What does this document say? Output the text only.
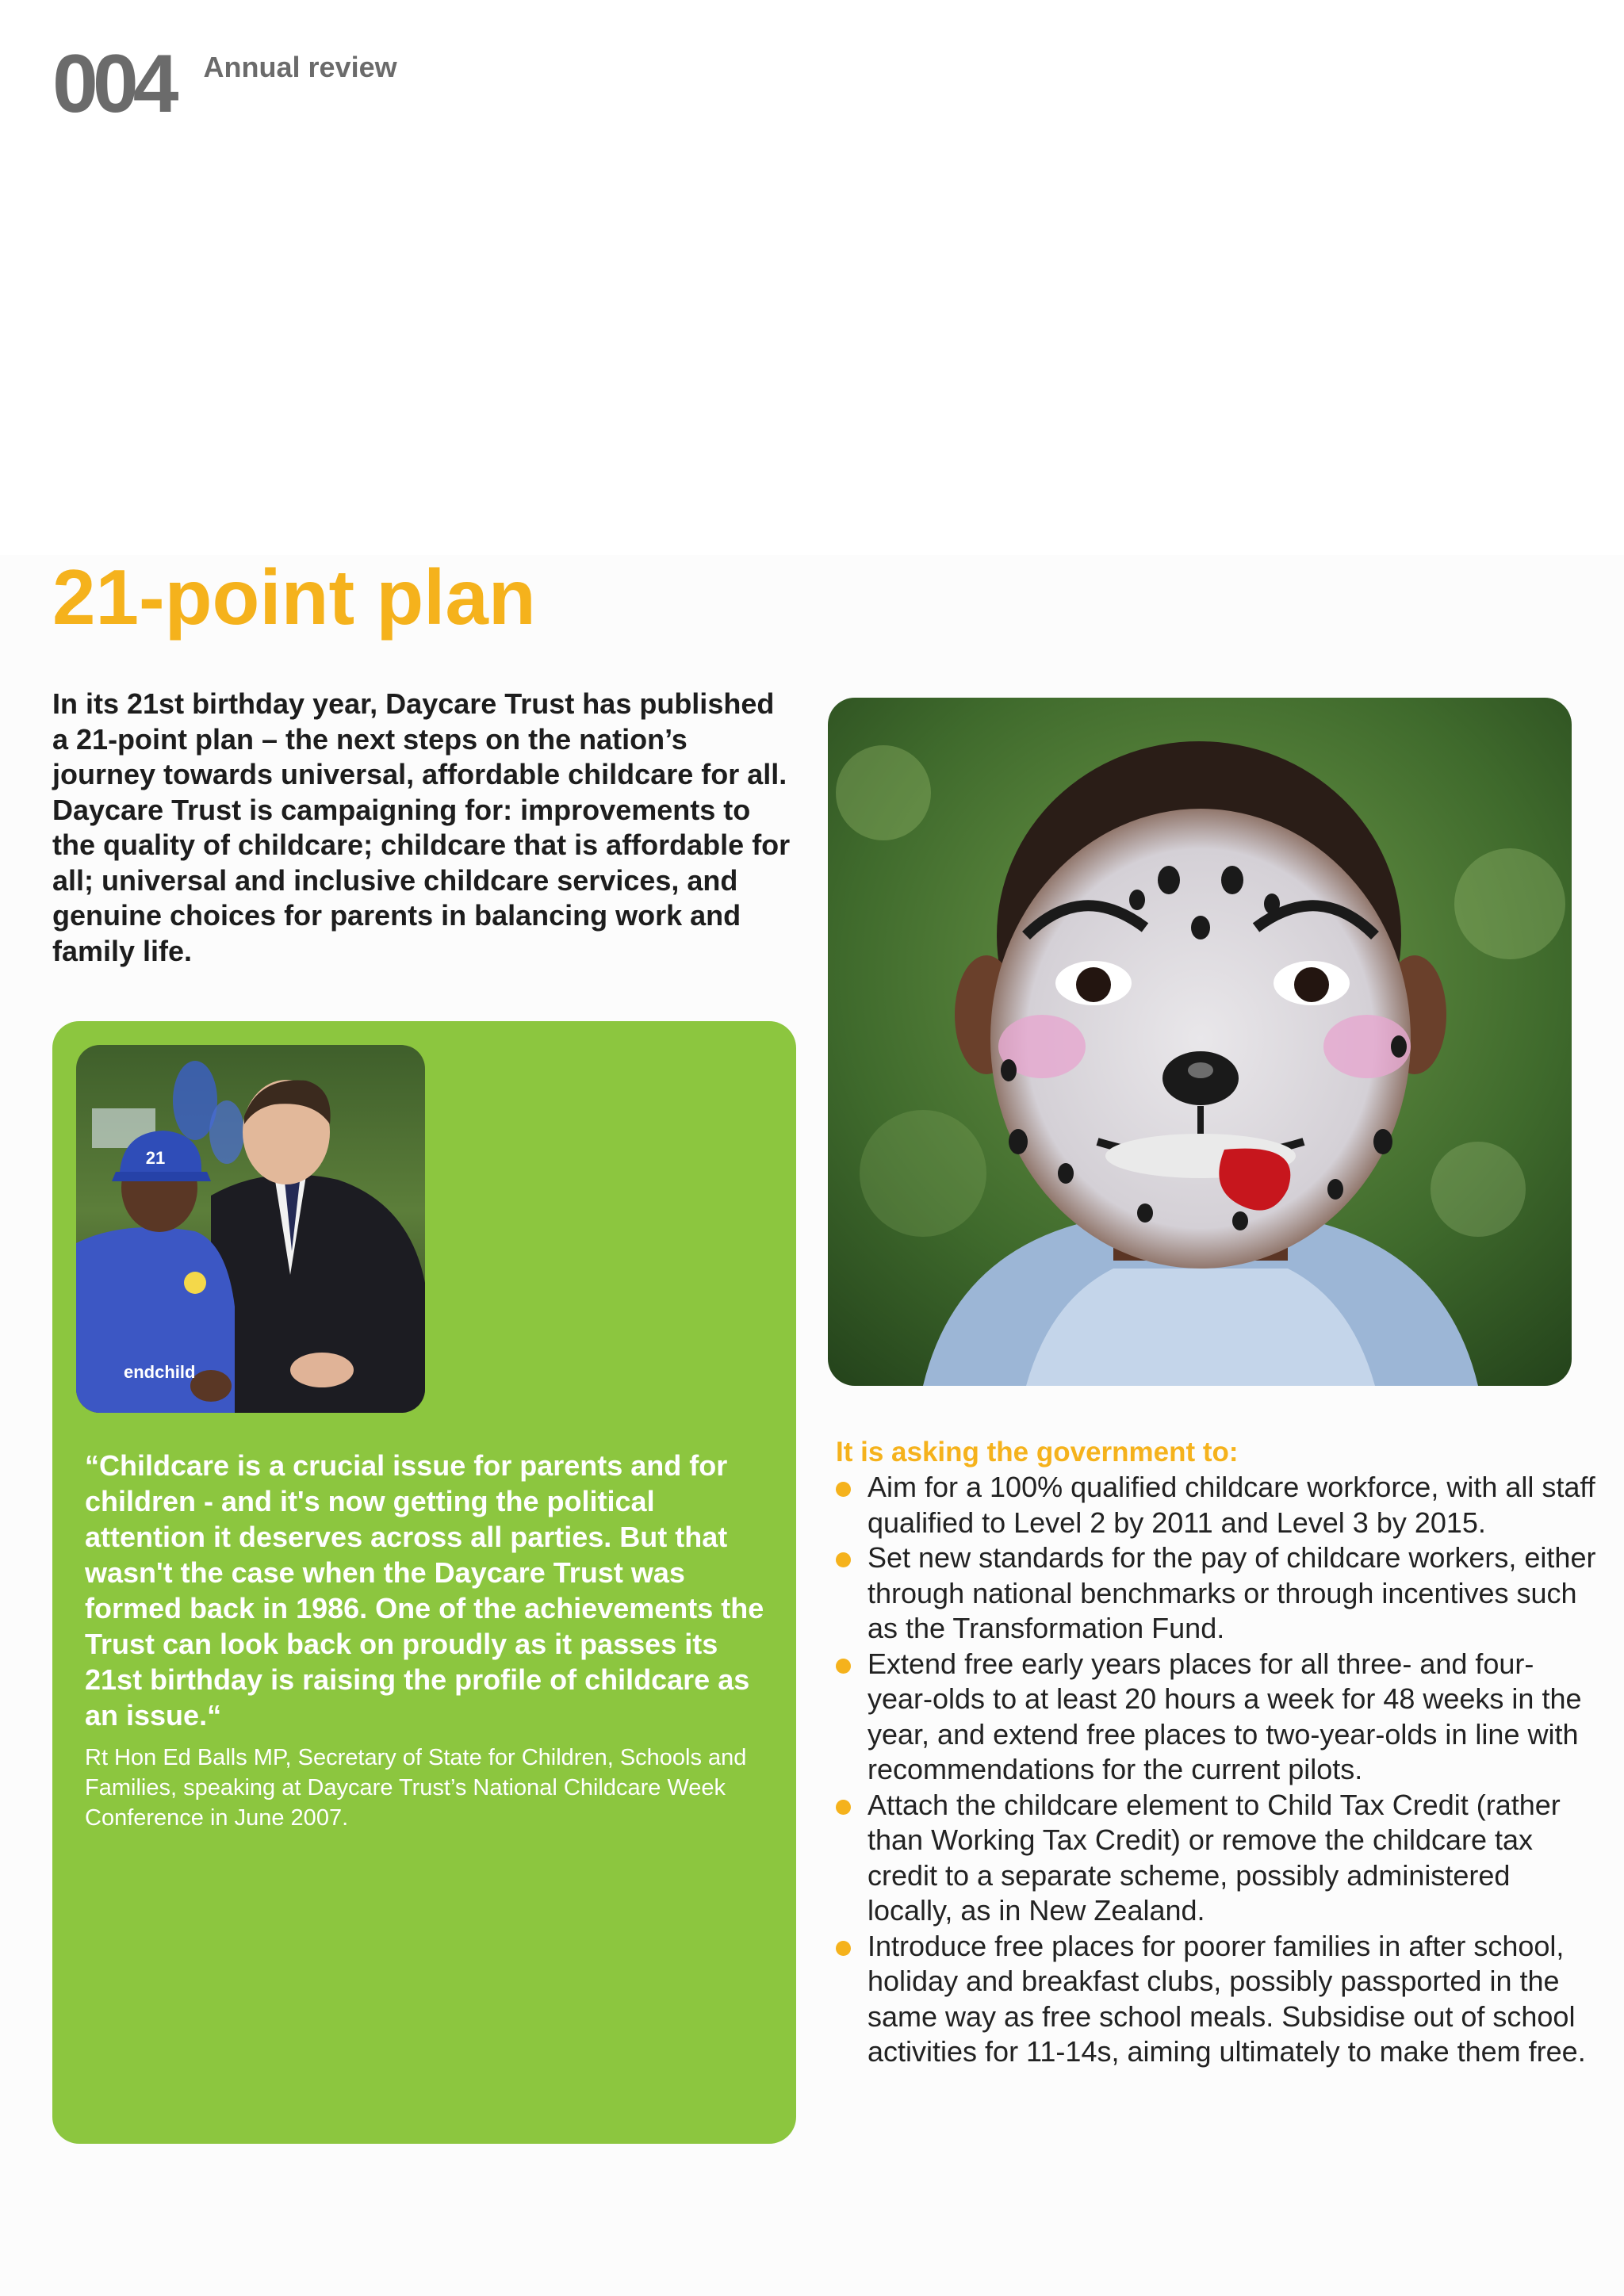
004 Annual review
21-point plan

In its 21st birthday year, Daycare Trust has published a 21-point plan – the next steps on the nation’s journey towards universal, affordable childcare for all. Daycare Trust is campaigning for: improvements to the quality of childcare; childcare that is affordable for all; universal and inclusive childcare services, and genuine choices for parents in balancing work and family life.

21
endchild

“Childcare is a crucial issue for parents and for children - and it's now getting the political attention it deserves across all parties. But that wasn't the case when the Daycare Trust was formed back in 1986. One of the achievements the Trust can look back on proudly as it passes its 21st birthday is raising the profile of childcare as an issue.“

Rt Hon Ed Balls MP, Secretary of State for Children, Schools and Families, speaking at Daycare Trust’s National Childcare Week Conference in June 2007.

It is asking the government to:
Aim for a 100% qualified childcare workforce, with all staff qualified to Level 2 by 2011 and Level 3 by 2015.
Set new standards for the pay of childcare workers, either through national benchmarks or through incentives such as the Transformation Fund.
Extend free early years places for all three- and four-year-olds to at least 20 hours a week for 48 weeks in the year, and extend free places to two-year-olds in line with recommendations for the current pilots.
Attach the childcare element to Child Tax Credit (rather than Working Tax Credit) or remove the childcare tax credit to a separate scheme, possibly administered locally, as in New Zealand.
Introduce free places for poorer families in after school, holiday and breakfast clubs, possibly passported in the same way as free school meals. Subsidise out of school activities for 11-14s, aiming ultimately to make them free.
